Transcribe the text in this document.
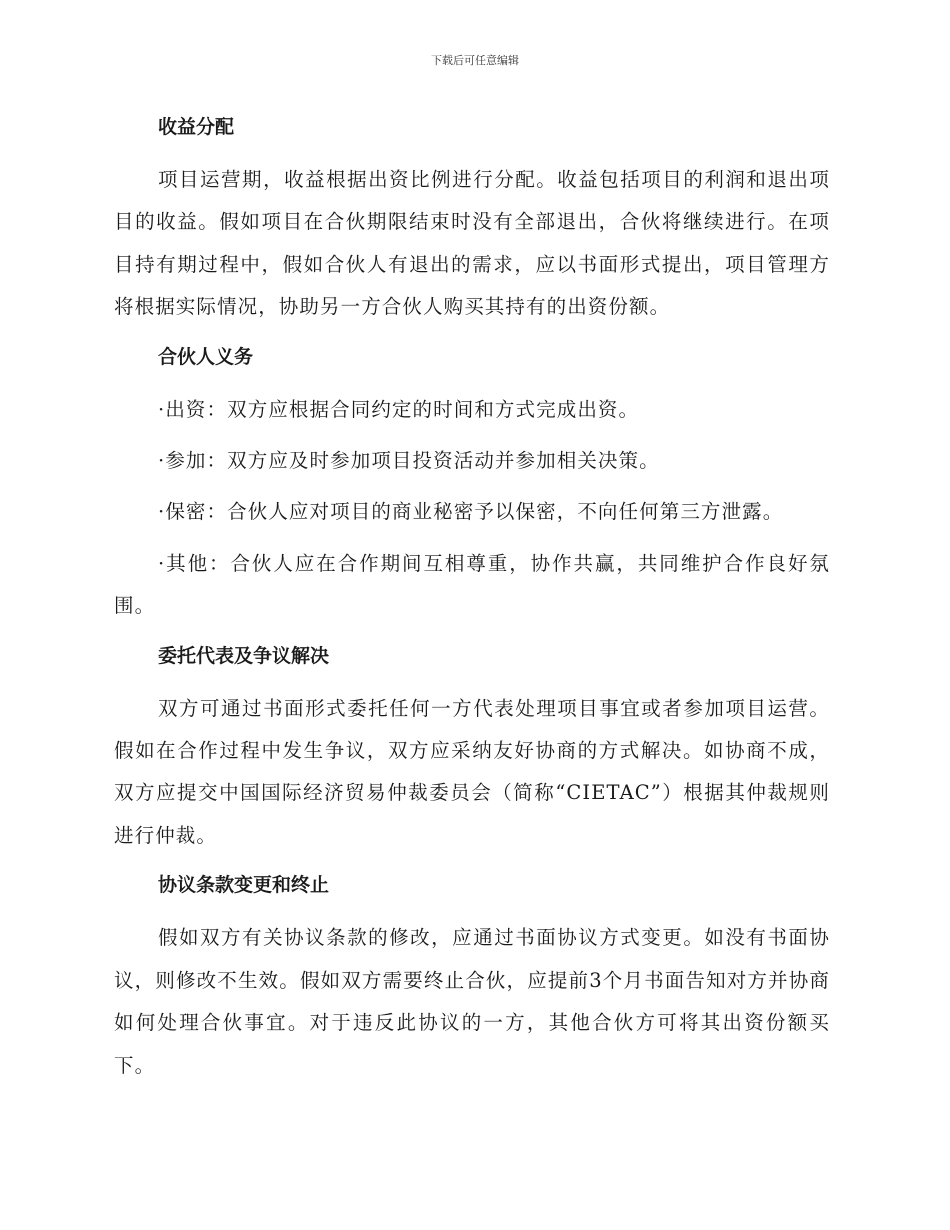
下载后可任意编辑
收益分配

项目运营期，收益根据出资比例进行分配。收益包括项目的利润和退出项目的收益。假如项目在合伙期限结束时没有全部退出，合伙将继续进行。在项目持有期过程中，假如合伙人有退出的需求，应以书面形式提出，项目管理方将根据实际情况，协助另一方合伙人购买其持有的出资份额。

合伙人义务

·出资：双方应根据合同约定的时间和方式完成出资。

·参加：双方应及时参加项目投资活动并参加相关决策。

·保密：合伙人应对项目的商业秘密予以保密，不向任何第三方泄露。

·其他：合伙人应在合作期间互相尊重，协作共赢，共同维护合作良好氛围。

委托代表及争议解决

双方可通过书面形式委托任何一方代表处理项目事宜或者参加项目运营。假如在合作过程中发生争议，双方应采纳友好协商的方式解决。如协商不成，双方应提交中国国际经济贸易仲裁委员会（简称“CIETAC”）根据其仲裁规则进行仲裁。

协议条款变更和终止

假如双方有关协议条款的修改，应通过书面协议方式变更。如没有书面协议，则修改不生效。假如双方需要终止合伙，应提前3个月书面告知对方并协商如何处理合伙事宜。对于违反此协议的一方，其他合伙方可将其出资份额买下。
